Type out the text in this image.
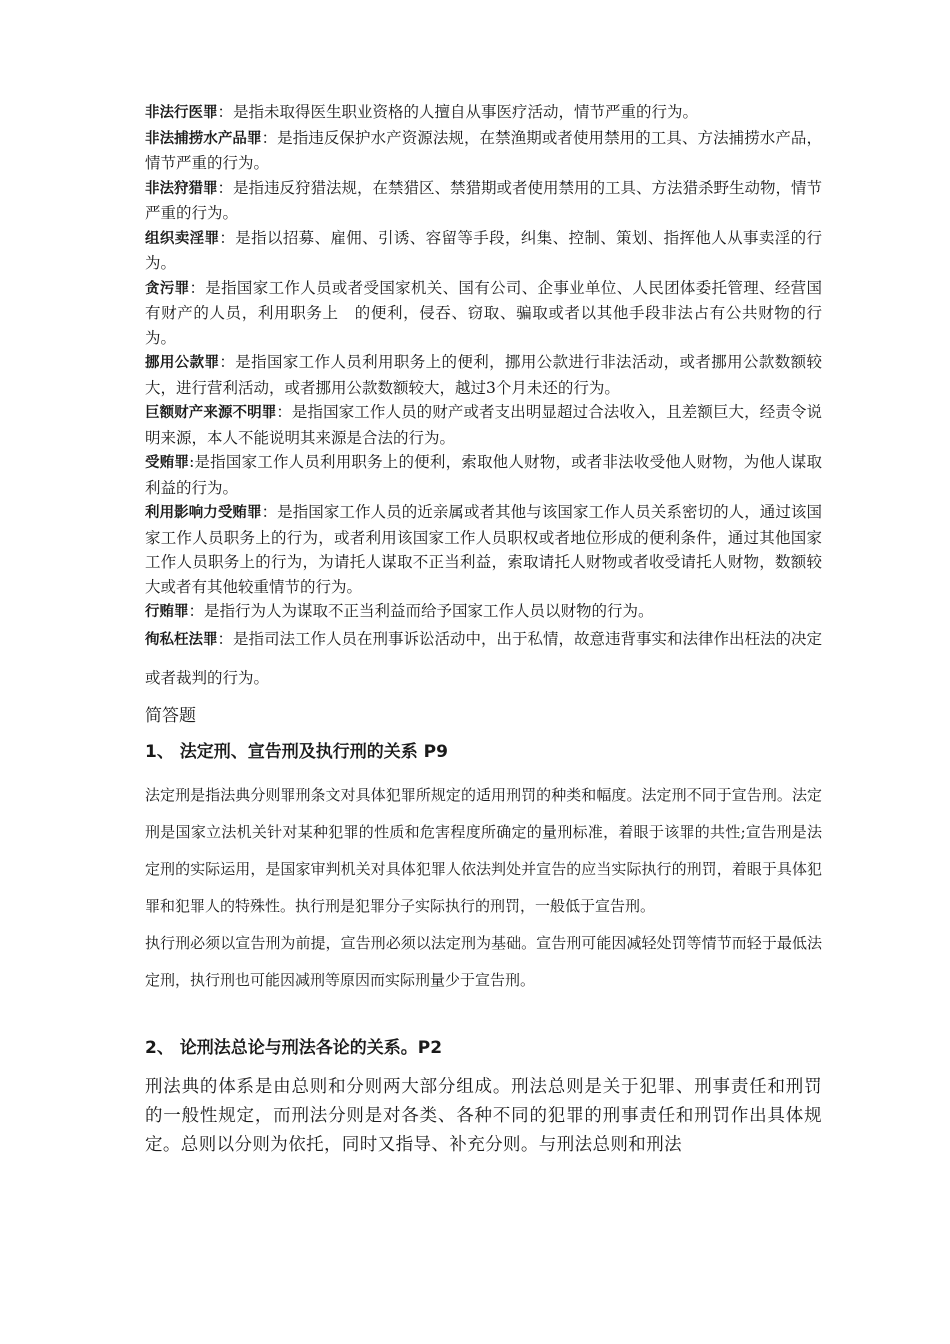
非法行医罪：是指未取得医生职业资格的人擅自从事医疗活动，情节严重的行为。

非法捕捞水产品罪：是指违反保护水产资源法规，在禁渔期或者使用禁用的工具、方法捕捞水产品，情节严重的行为。

非法狩猎罪：是指违反狩猎法规，在禁猎区、禁猎期或者使用禁用的工具、方法猎杀野生动物，情节严重的行为。

组织卖淫罪：是指以招募、雇佣、引诱、容留等手段，纠集、控制、策划、指挥他人从事卖淫的行为。

贪污罪：是指国家工作人员或者受国家机关、国有公司、企事业单位、人民团体委托管理、经营国有财产的人员，利用职务上　的便利，侵吞、窃取、骗取或者以其他手段非法占有公共财物的行为。

挪用公款罪：是指国家工作人员利用职务上的便利，挪用公款进行非法活动，或者挪用公款数额较大，进行营利活动，或者挪用公款数额较大，越过3个月未还的行为。

巨额财产来源不明罪：是指国家工作人员的财产或者支出明显超过合法收入，且差额巨大，经责令说明来源，本人不能说明其来源是合法的行为。

受贿罪:是指国家工作人员利用职务上的便利，索取他人财物，或者非法收受他人财物，为他人谋取利益的行为。

利用影响力受贿罪：是指国家工作人员的近亲属或者其他与该国家工作人员关系密切的人，通过该国家工作人员职务上的行为，或者利用该国家工作人员职权或者地位形成的便利条件，通过其他国家工作人员职务上的行为，为请托人谋取不正当利益，索取请托人财物或者收受请托人财物，数额较大或者有其他较重情节的行为。

行贿罪：是指行为人为谋取不正当利益而给予国家工作人员以财物的行为。

徇私枉法罪：是指司法工作人员在刑事诉讼活动中，出于私情，故意违背事实和法律作出枉法的决定或者裁判的行为。

简答题
1、 法定刑、宣告刑及执行刑的关系 P9

法定刑是指法典分则罪刑条文对具体犯罪所规定的适用刑罚的种类和幅度。法定刑不同于宣告刑。法定刑是国家立法机关针对某种犯罪的性质和危害程度所确定的量刑标准，着眼于该罪的共性;宣告刑是法定刑的实际运用，是国家审判机关对具体犯罪人依法判处并宣告的应当实际执行的刑罚，着眼于具体犯罪和犯罪人的特殊性。执行刑是犯罪分子实际执行的刑罚，一般低于宣告刑。

执行刑必须以宣告刑为前提，宣告刑必须以法定刑为基础。宣告刑可能因减轻处罚等情节而轻于最低法定刑，执行刑也可能因减刑等原因而实际刑量少于宣告刑。

2、 论刑法总论与刑法各论的关系。P2

刑法典的体系是由总则和分则两大部分组成。刑法总则是关于犯罪、刑事责任和刑罚的一般性规定，而刑法分则是对各类、各种不同的犯罪的刑事责任和刑罚作出具体规定。总则以分则为依托，同时又指导、补充分则。与刑法总则和刑法
